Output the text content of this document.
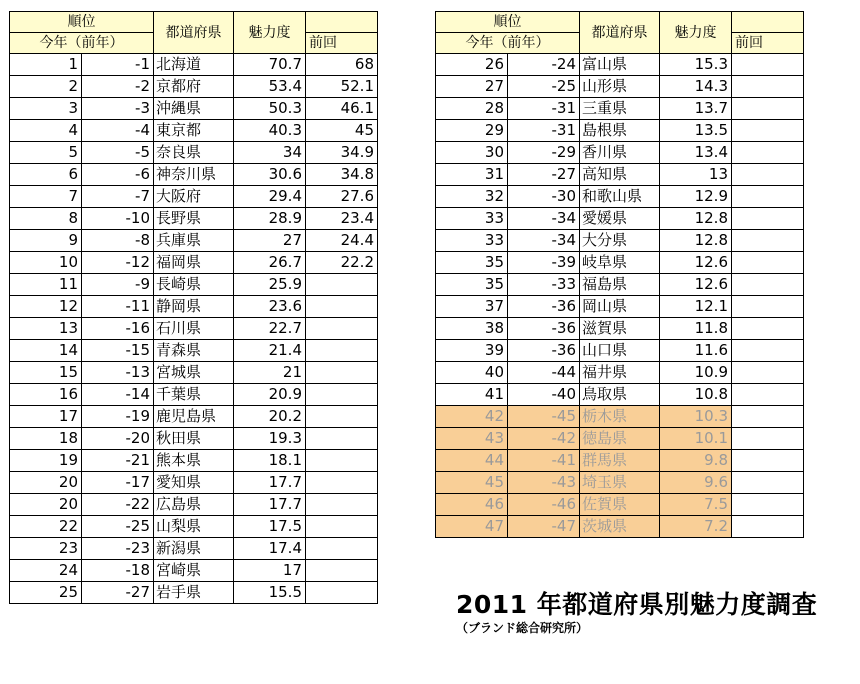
順位		都道府県	魅力度	
今年（前年）				前回
1	-1	北海道	70.7	68
2	-2	京都府	53.4	52.1
3	-3	沖縄県	50.3	46.1
4	-4	東京都	40.3	45
5	-5	奈良県	34	34.9
6	-6	神奈川県	30.6	34.8
7	-7	大阪府	29.4	27.6
8	-10	長野県	28.9	23.4
9	-8	兵庫県	27	24.4
10	-12	福岡県	26.7	22.2
11	-9	長崎県	25.9	
12	-11	静岡県	23.6	
13	-16	石川県	22.7	
14	-15	青森県	21.4	
15	-13	宮城県	21	
16	-14	千葉県	20.9	
17	-19	鹿児島県	20.2	
18	-20	秋田県	19.3	
19	-21	熊本県	18.1	
20	-17	愛知県	17.7	
20	-22	広島県	17.7	
22	-25	山梨県	17.5	
23	-23	新潟県	17.4	
24	-18	宮崎県	17	
25	-27	岩手県	15.5	
順位		都道府県	魅力度	
今年（前年）				前回
26	-24	富山県	15.3	
27	-25	山形県	14.3	
28	-31	三重県	13.7	
29	-31	島根県	13.5	
30	-29	香川県	13.4	
31	-27	高知県	13	
32	-30	和歌山県	12.9	
33	-34	愛媛県	12.8	
33	-34	大分県	12.8	
35	-39	岐阜県	12.6	
35	-33	福島県	12.6	
37	-36	岡山県	12.1	
38	-36	滋賀県	11.8	
39	-36	山口県	11.6	
40	-44	福井県	10.9	
41	-40	鳥取県	10.8	
42	-45	栃木県	10.3	
43	-42	徳島県	10.1	
44	-41	群馬県	9.8	
45	-43	埼玉県	9.6	
46	-46	佐賀県	7.5	
47	-47	茨城県	7.2	
2011 年都道府県別魅力度調査
（ブランド総合研究所）
